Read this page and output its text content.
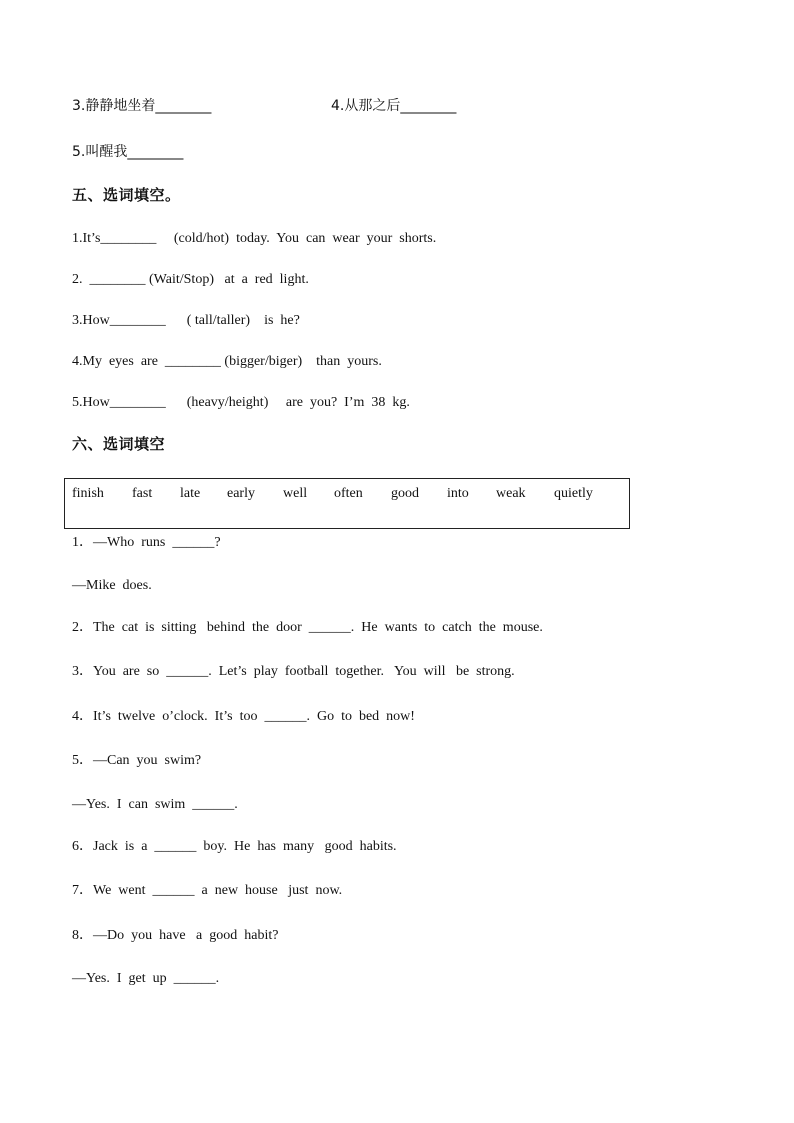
3.静静地坐着________	4.从那之后________
5.叫醒我________
五、选词填空。
1.It’s________     (cold/hot)  today.  You  can  wear  your  shorts.
2.  ________ (Wait/Stop)   at  a  red  light.
3.How________      ( tall/taller)    is  he?
4.My  eyes  are  ________ (bigger/biger)    than  yours.
5.How________      (heavy/height)     are  you?  I’m  38  kg.
六、选词填空
finish fast late early well often good into weak quietly
1．—Who  runs  ______?
—Mike  does.
2．The  cat  is  sitting   behind  the  door  ______.  He  wants  to  catch  the  mouse.
3．You  are  so  ______.  Let’s  play  football  together.   You  will   be  strong.
4．It’s  twelve  o’clock.  It’s  too  ______.  Go  to  bed  now!
5．—Can  you  swim?
—Yes.  I  can  swim  ______.
6．Jack  is  a  ______  boy.  He  has  many   good  habits.
7．We  went  ______  a  new  house   just  now.
8．—Do  you  have   a  good  habit?
—Yes.  I  get  up  ______.
